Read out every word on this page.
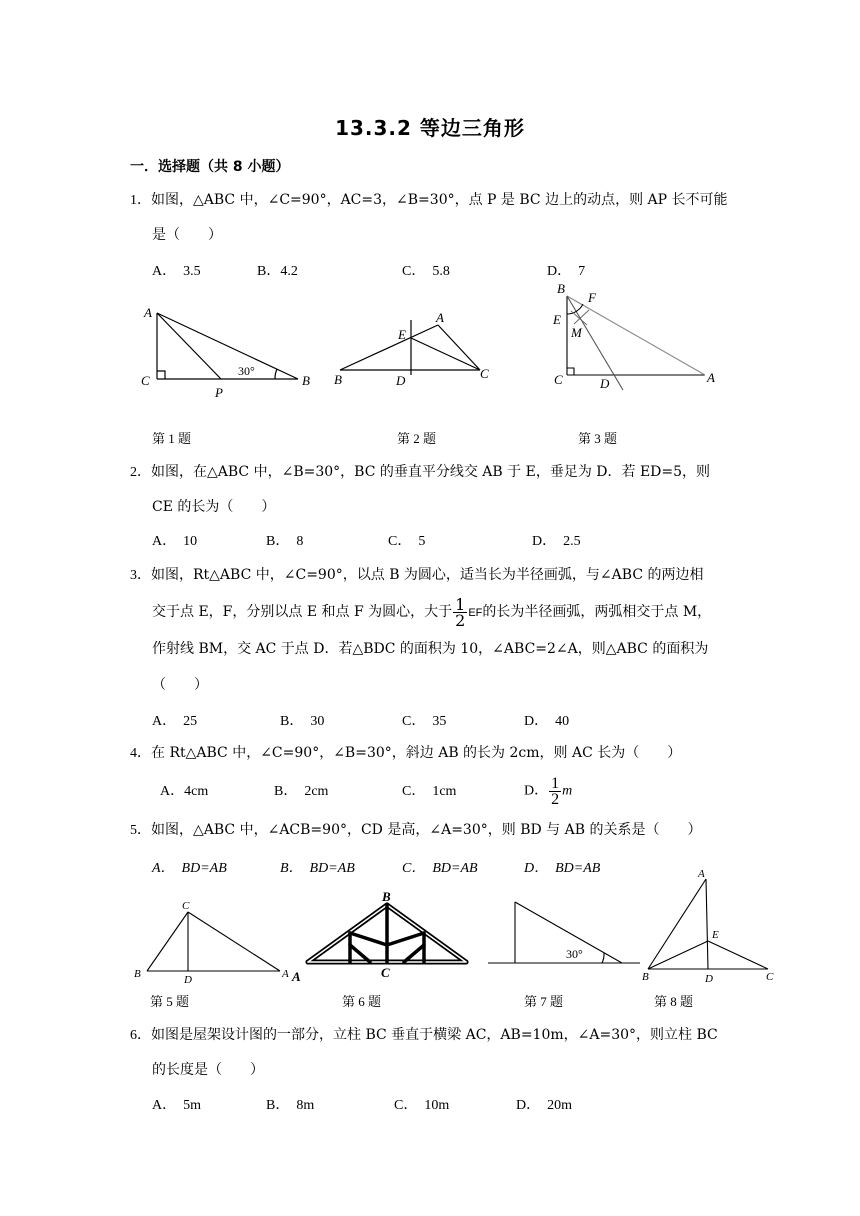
13.3.2 等边三角形
一．选择题（共 8 小题）
1．如图，△ABC 中，∠C=90°，AC=3，∠B=30°，点 P 是 BC 边上的动点，则 AP 长不可能
是（　　）
A．　3.5	B．4.2	C．　5.8	D．　7
A
C
P
B
30°
B
A
E
D	C
B
F
E
M
C	D	A
第 1 题	第 2 题	第 3 题
2．如图，在△ABC 中，∠B=30°，BC 的垂直平分线交 AB 于 E，垂足为 D．若 ED=5，则
CE 的长为（　　）
A．　10	B．　8	C．　5	D．　2.5
3．如图，Rt△ABC 中，∠C=90°，以点 B 为圆心，适当长为半径画弧，与∠ABC 的两边相
交于点 E，F，分别以点 E 和点 F 为圆心，大于 $\frac{1}{2}$ EF的长为半径画弧，两弧相交于点 M，
作射线 BM，交 AC 于点 D．若△BDC 的面积为 10，∠ABC=2∠A，则△ABC 的面积为
（　　）
A．　25	B．　30	C．　35	D．　40
4．在 Rt△ABC 中，∠C=90°，∠B=30°，斜边 AB 的长为 2cm，则 AC 长为（　　）
A．4cm	B．　2cm	C．　1cm	D． $\frac{1}{2}$ m
5．如图，△ABC 中，∠ACB=90°，CD 是高，∠A=30°，则 BD 与 AB 的关系是（　　）
A．　BD=AB	B．　BD=AB	C．　BD=AB	D．　BD=AB
C
B	D	A
B
A	C
30°
A
E
B	D	C
第 5 题	第 6 题	第 7 题	第 8 题
6．如图是屋架设计图的一部分，立柱 BC 垂直于横梁 AC，AB=10m，∠A=30°，则立柱 BC
的长度是（　　）
A．　5m	B．　8m	C．　10m	D．　20m
